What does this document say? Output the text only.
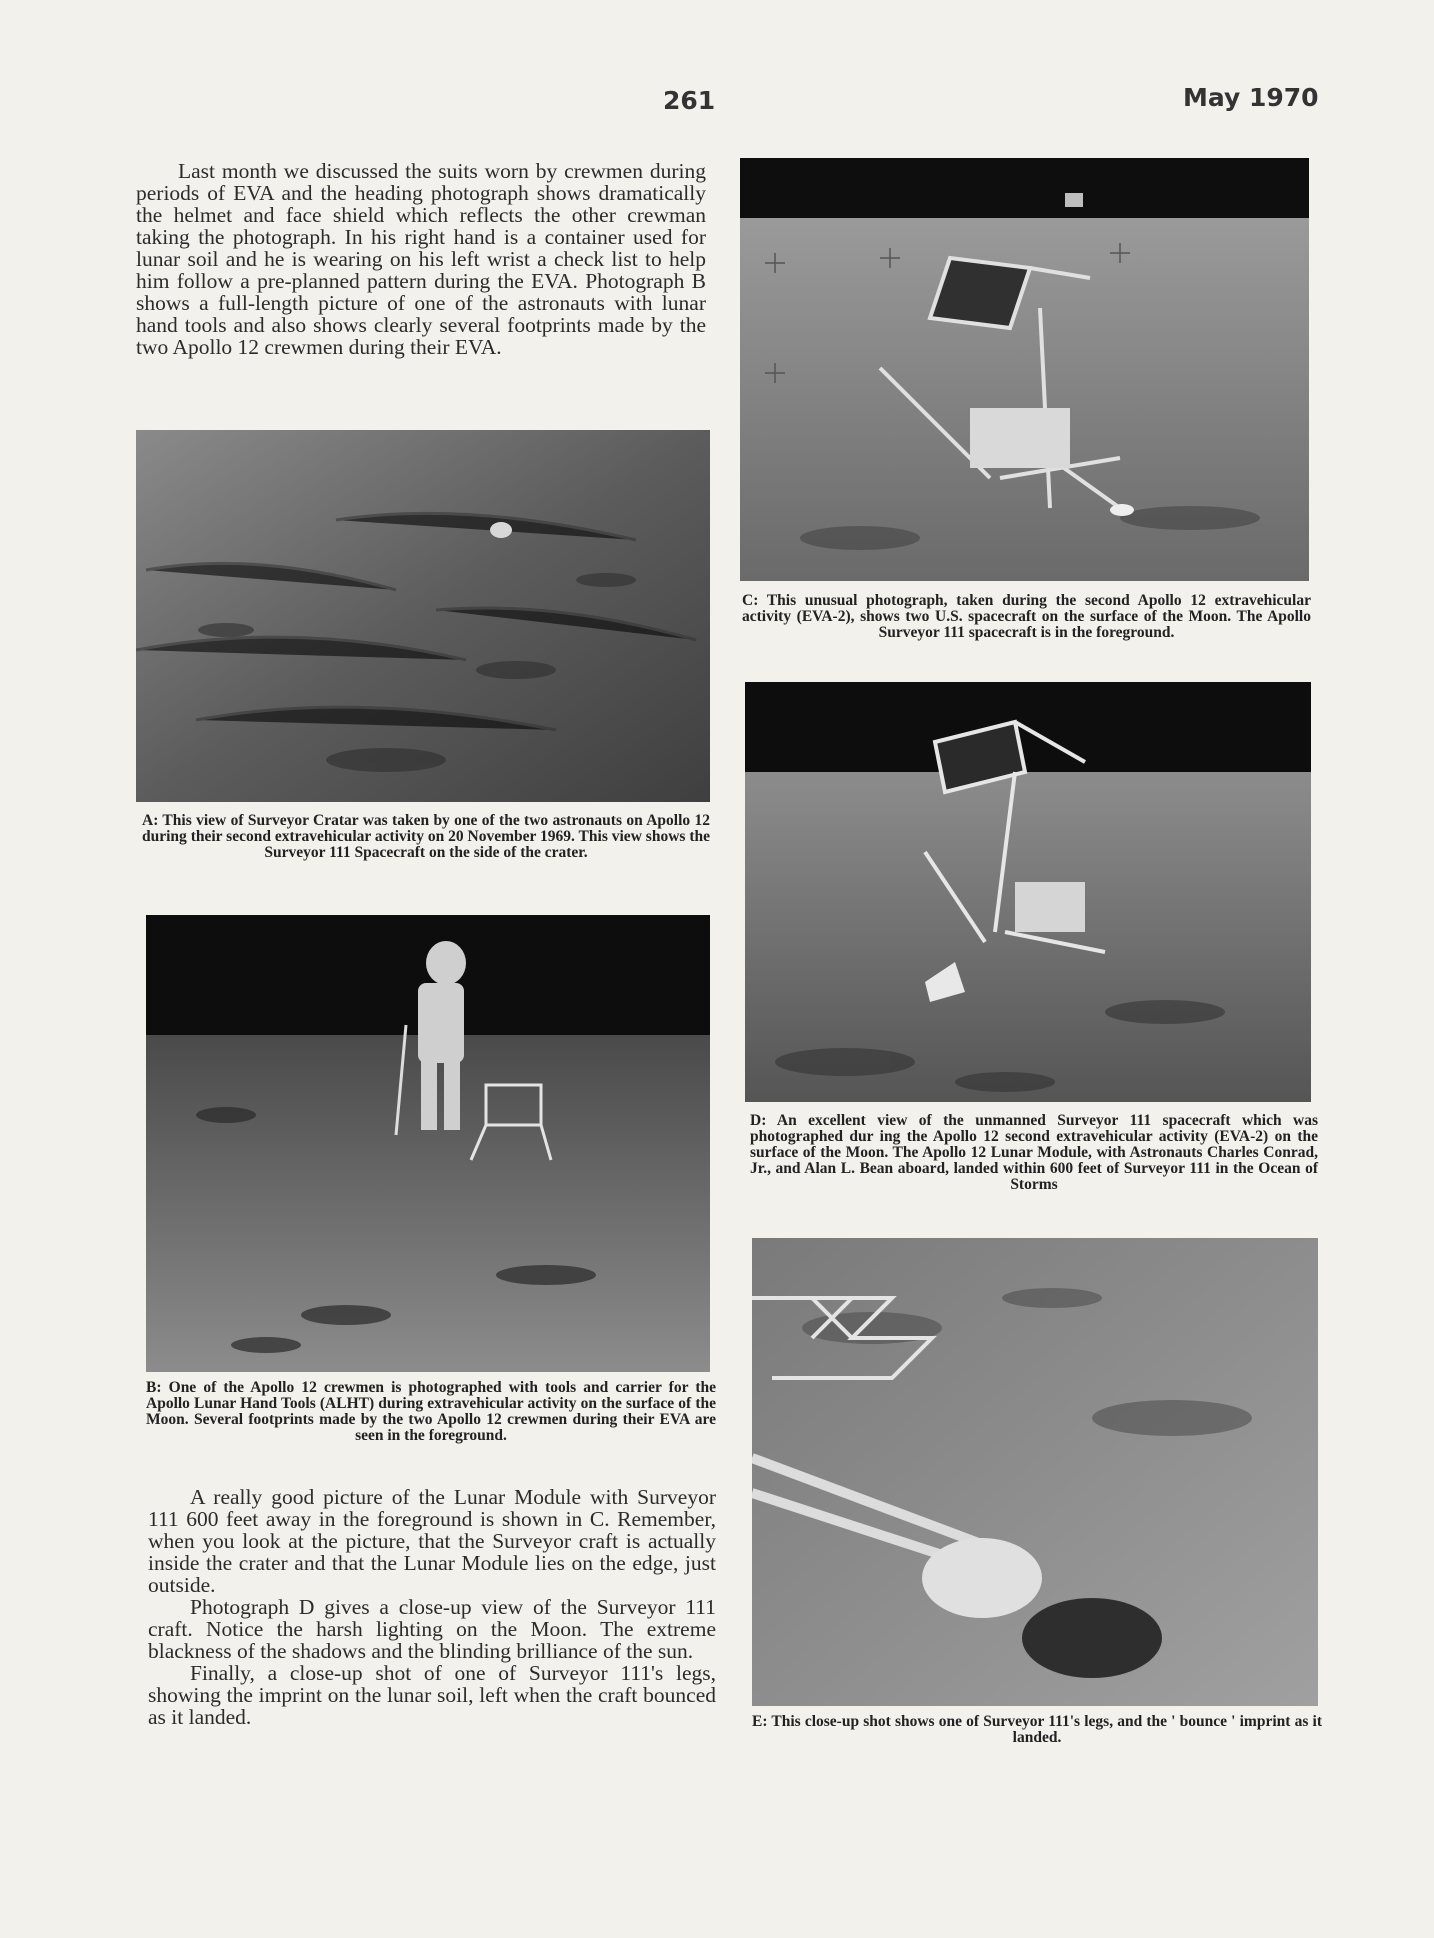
261	May 1970

Last month we discussed the suits worn by crewmen during periods of EVA and the heading photograph shows dramatically the helmet and face shield which reflects the other crewman taking the photograph. In his right hand is a container used for lunar soil and he is wearing on his left wrist a check list to help him follow a pre-planned pattern during the EVA. Photograph B shows a full-length picture of one of the astronauts with lunar hand tools and also shows clearly several footprints made by the two Apollo 12 crewmen during their EVA.

A: This view of Surveyor Cratar was taken by one of the two astronauts on Apollo 12 during their second extravehicular activity on 20 November 1969. This view shows the Surveyor 111 Spacecraft on the side of the crater.
B: One of the Apollo 12 crewmen is photographed with tools and carrier for the Apollo Lunar Hand Tools (ALHT) during extravehicular activity on the surface of the Moon. Several footprints made by the two Apollo 12 crewmen during their EVA are seen in the foreground.

A really good picture of the Lunar Module with Surveyor 111 600 feet away in the foreground is shown in C. Remember, when you look at the picture, that the Surveyor craft is actually inside the crater and that the Lunar Module lies on the edge, just outside.

Photograph D gives a close-up view of the Surveyor 111 craft. Notice the harsh lighting on the Moon. The extreme blackness of the shadows and the blinding brilliance of the sun.

Finally, a close-up shot of one of Surveyor 111's legs, showing the imprint on the lunar soil, left when the craft bounced as it landed.

C: This unusual photograph, taken during the second Apollo 12 extravehicular activity (EVA-2), shows two U.S. spacecraft on the surface of the Moon. The Apollo Surveyor 111 spacecraft is in the foreground.
D: An excellent view of the unmanned Surveyor 111 spacecraft which was photographed dur ing the Apollo 12 second extravehicular activity (EVA-2) on the surface of the Moon. The Apollo 12 Lunar Module, with Astronauts Charles Conrad, Jr., and Alan L. Bean aboard, landed within 600 feet of Surveyor 111 in the Ocean of Storms
E: This close-up shot shows one of Surveyor 111's legs, and the ' bounce ' imprint as it landed.
